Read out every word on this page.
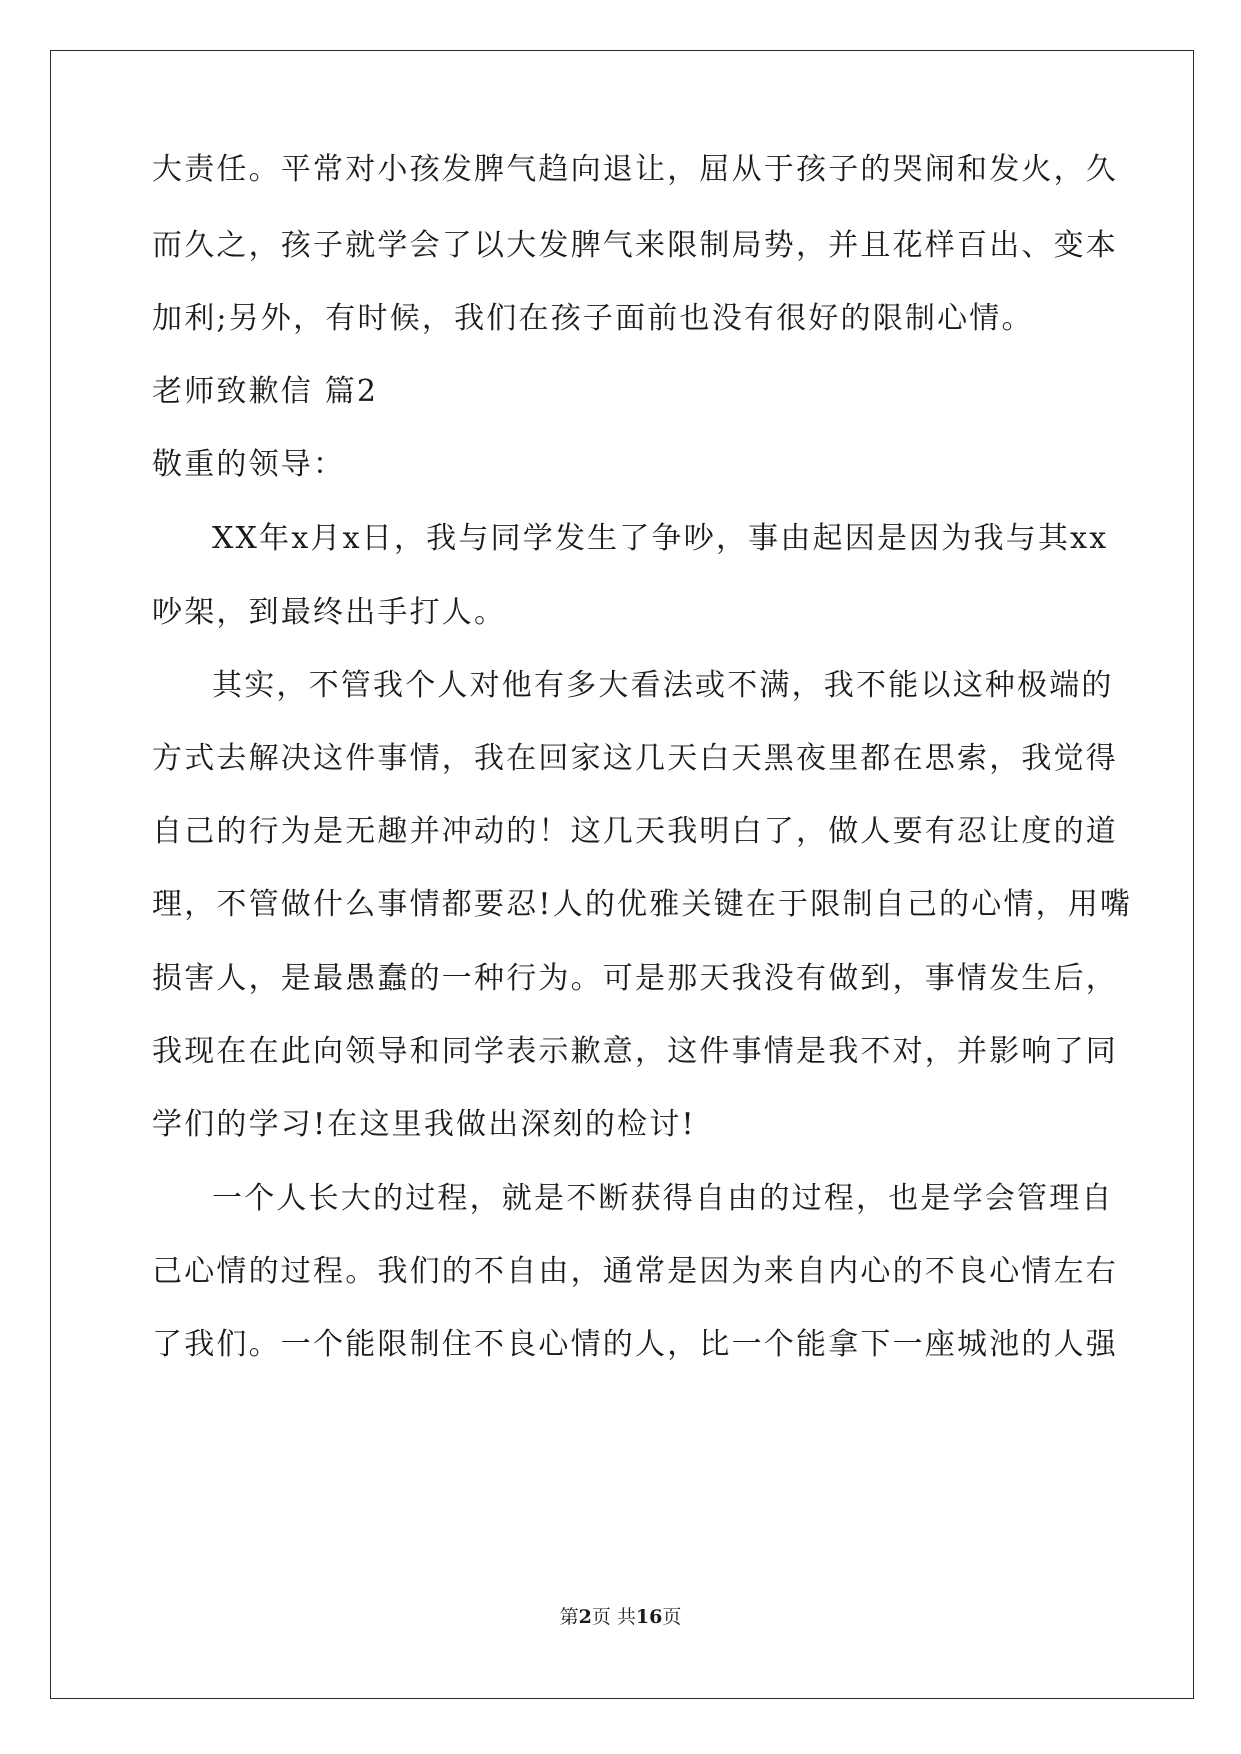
大责任。平常对小孩发脾气趋向退让，屈从于孩子的哭闹和发火，久
而久之，孩子就学会了以大发脾气来限制局势，并且花样百出、变本
加利;另外，有时候，我们在孩子面前也没有很好的限制心情。
老师致歉信 篇2
敬重的领导：
XX年x月x日，我与同学发生了争吵，事由起因是因为我与其xx
吵架，到最终出手打人。
其实，不管我个人对他有多大看法或不满，我不能以这种极端的
方式去解决这件事情，我在回家这几天白天黑夜里都在思索，我觉得
自己的行为是无趣并冲动的！这几天我明白了，做人要有忍让度的道
理，不管做什么事情都要忍!人的优雅关键在于限制自己的心情，用嘴
损害人，是最愚蠢的一种行为。可是那天我没有做到，事情发生后，
我现在在此向领导和同学表示歉意，这件事情是我不对，并影响了同
学们的学习!在这里我做出深刻的检讨!
一个人长大的过程，就是不断获得自由的过程，也是学会管理自
己心情的过程。我们的不自由，通常是因为来自内心的不良心情左右
了我们。一个能限制住不良心情的人，比一个能拿下一座城池的人强
第2页 共16页
